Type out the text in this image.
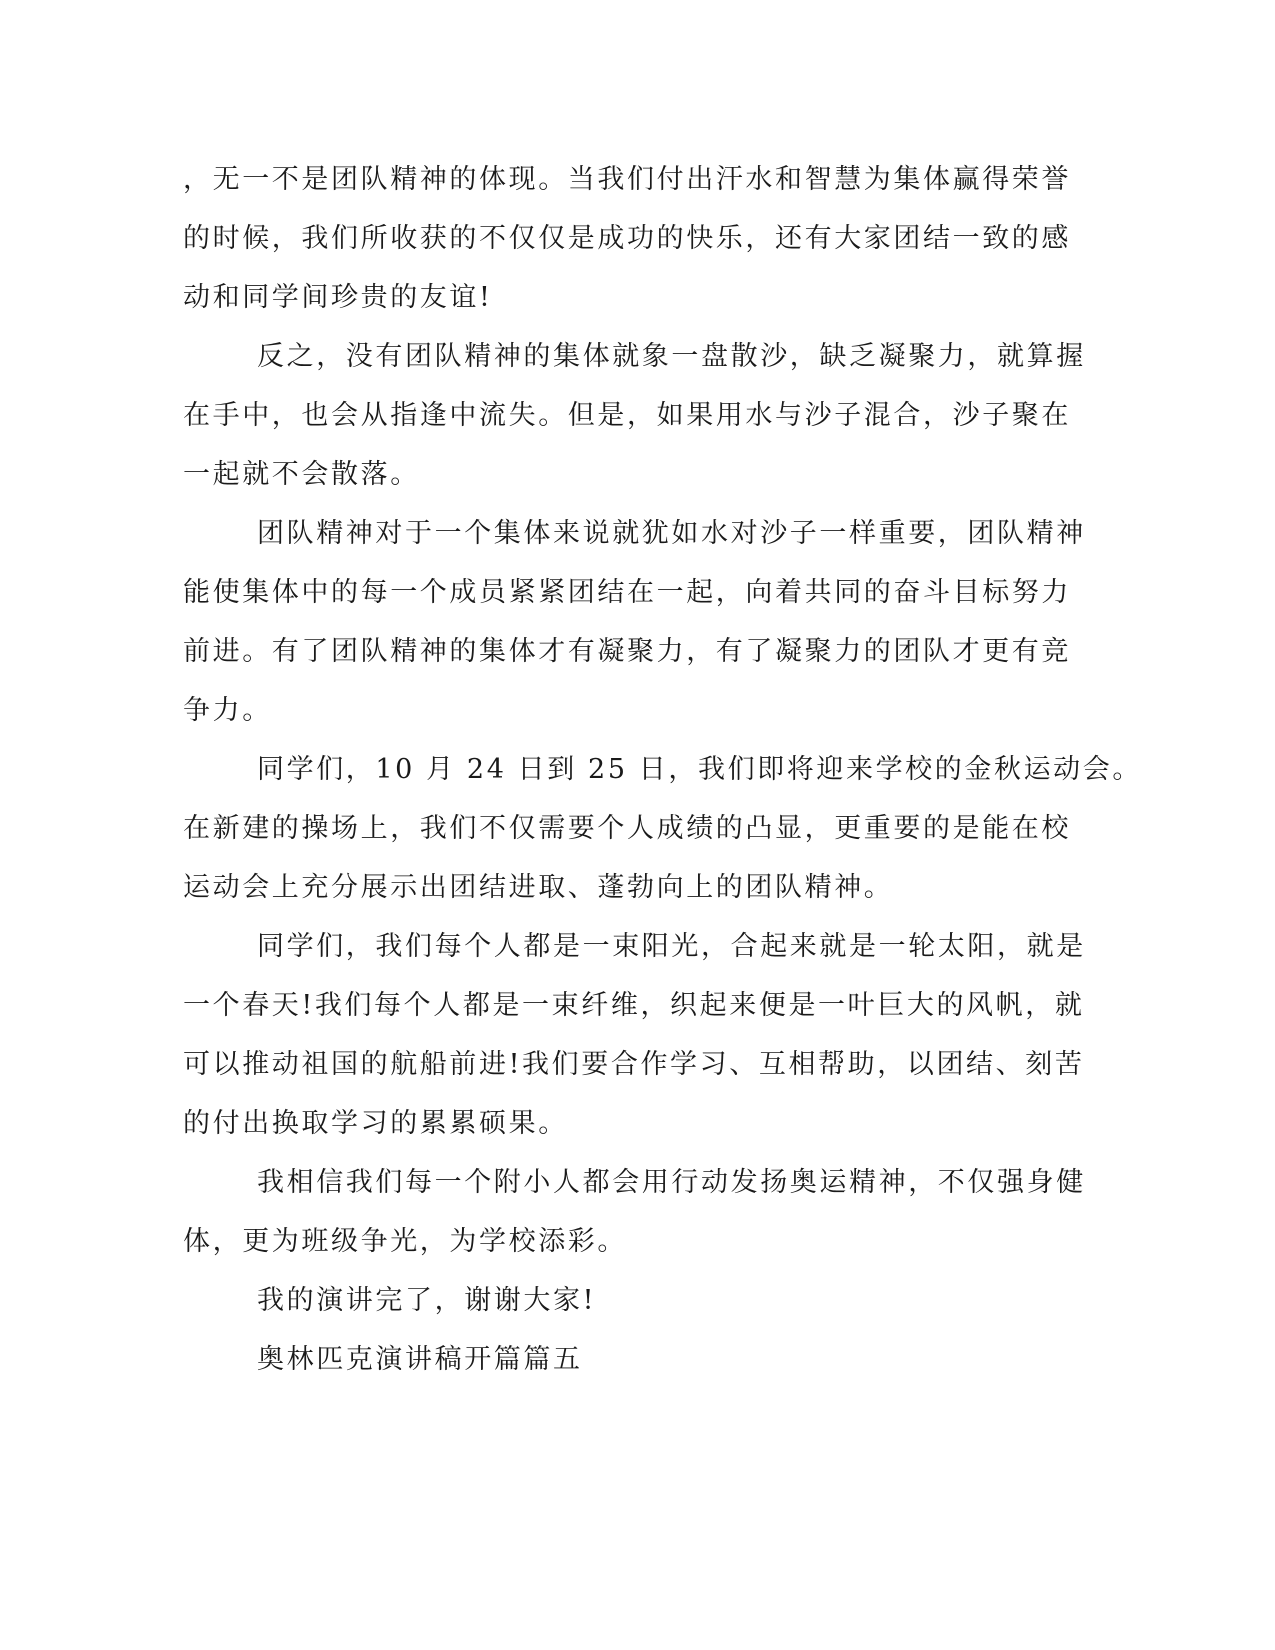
，无一不是团队精神的体现。当我们付出汗水和智慧为集体赢得荣誉
的时候，我们所收获的不仅仅是成功的快乐，还有大家团结一致的感
动和同学间珍贵的友谊!
反之，没有团队精神的集体就象一盘散沙，缺乏凝聚力，就算握
在手中，也会从指逢中流失。但是，如果用水与沙子混合，沙子聚在
一起就不会散落。
团队精神对于一个集体来说就犹如水对沙子一样重要，团队精神
能使集体中的每一个成员紧紧团结在一起，向着共同的奋斗目标努力
前进。有了团队精神的集体才有凝聚力，有了凝聚力的团队才更有竞
争力。
同学们，10 月 24 日到 25 日，我们即将迎来学校的金秋运动会。
在新建的操场上，我们不仅需要个人成绩的凸显，更重要的是能在校
运动会上充分展示出团结进取、蓬勃向上的团队精神。
同学们，我们每个人都是一束阳光，合起来就是一轮太阳，就是
一个春天!我们每个人都是一束纤维，织起来便是一叶巨大的风帆，就
可以推动祖国的航船前进!我们要合作学习、互相帮助，以团结、刻苦
的付出换取学习的累累硕果。
我相信我们每一个附小人都会用行动发扬奥运精神，不仅强身健
体，更为班级争光，为学校添彩。
我的演讲完了，谢谢大家!
奥林匹克演讲稿开篇篇五
